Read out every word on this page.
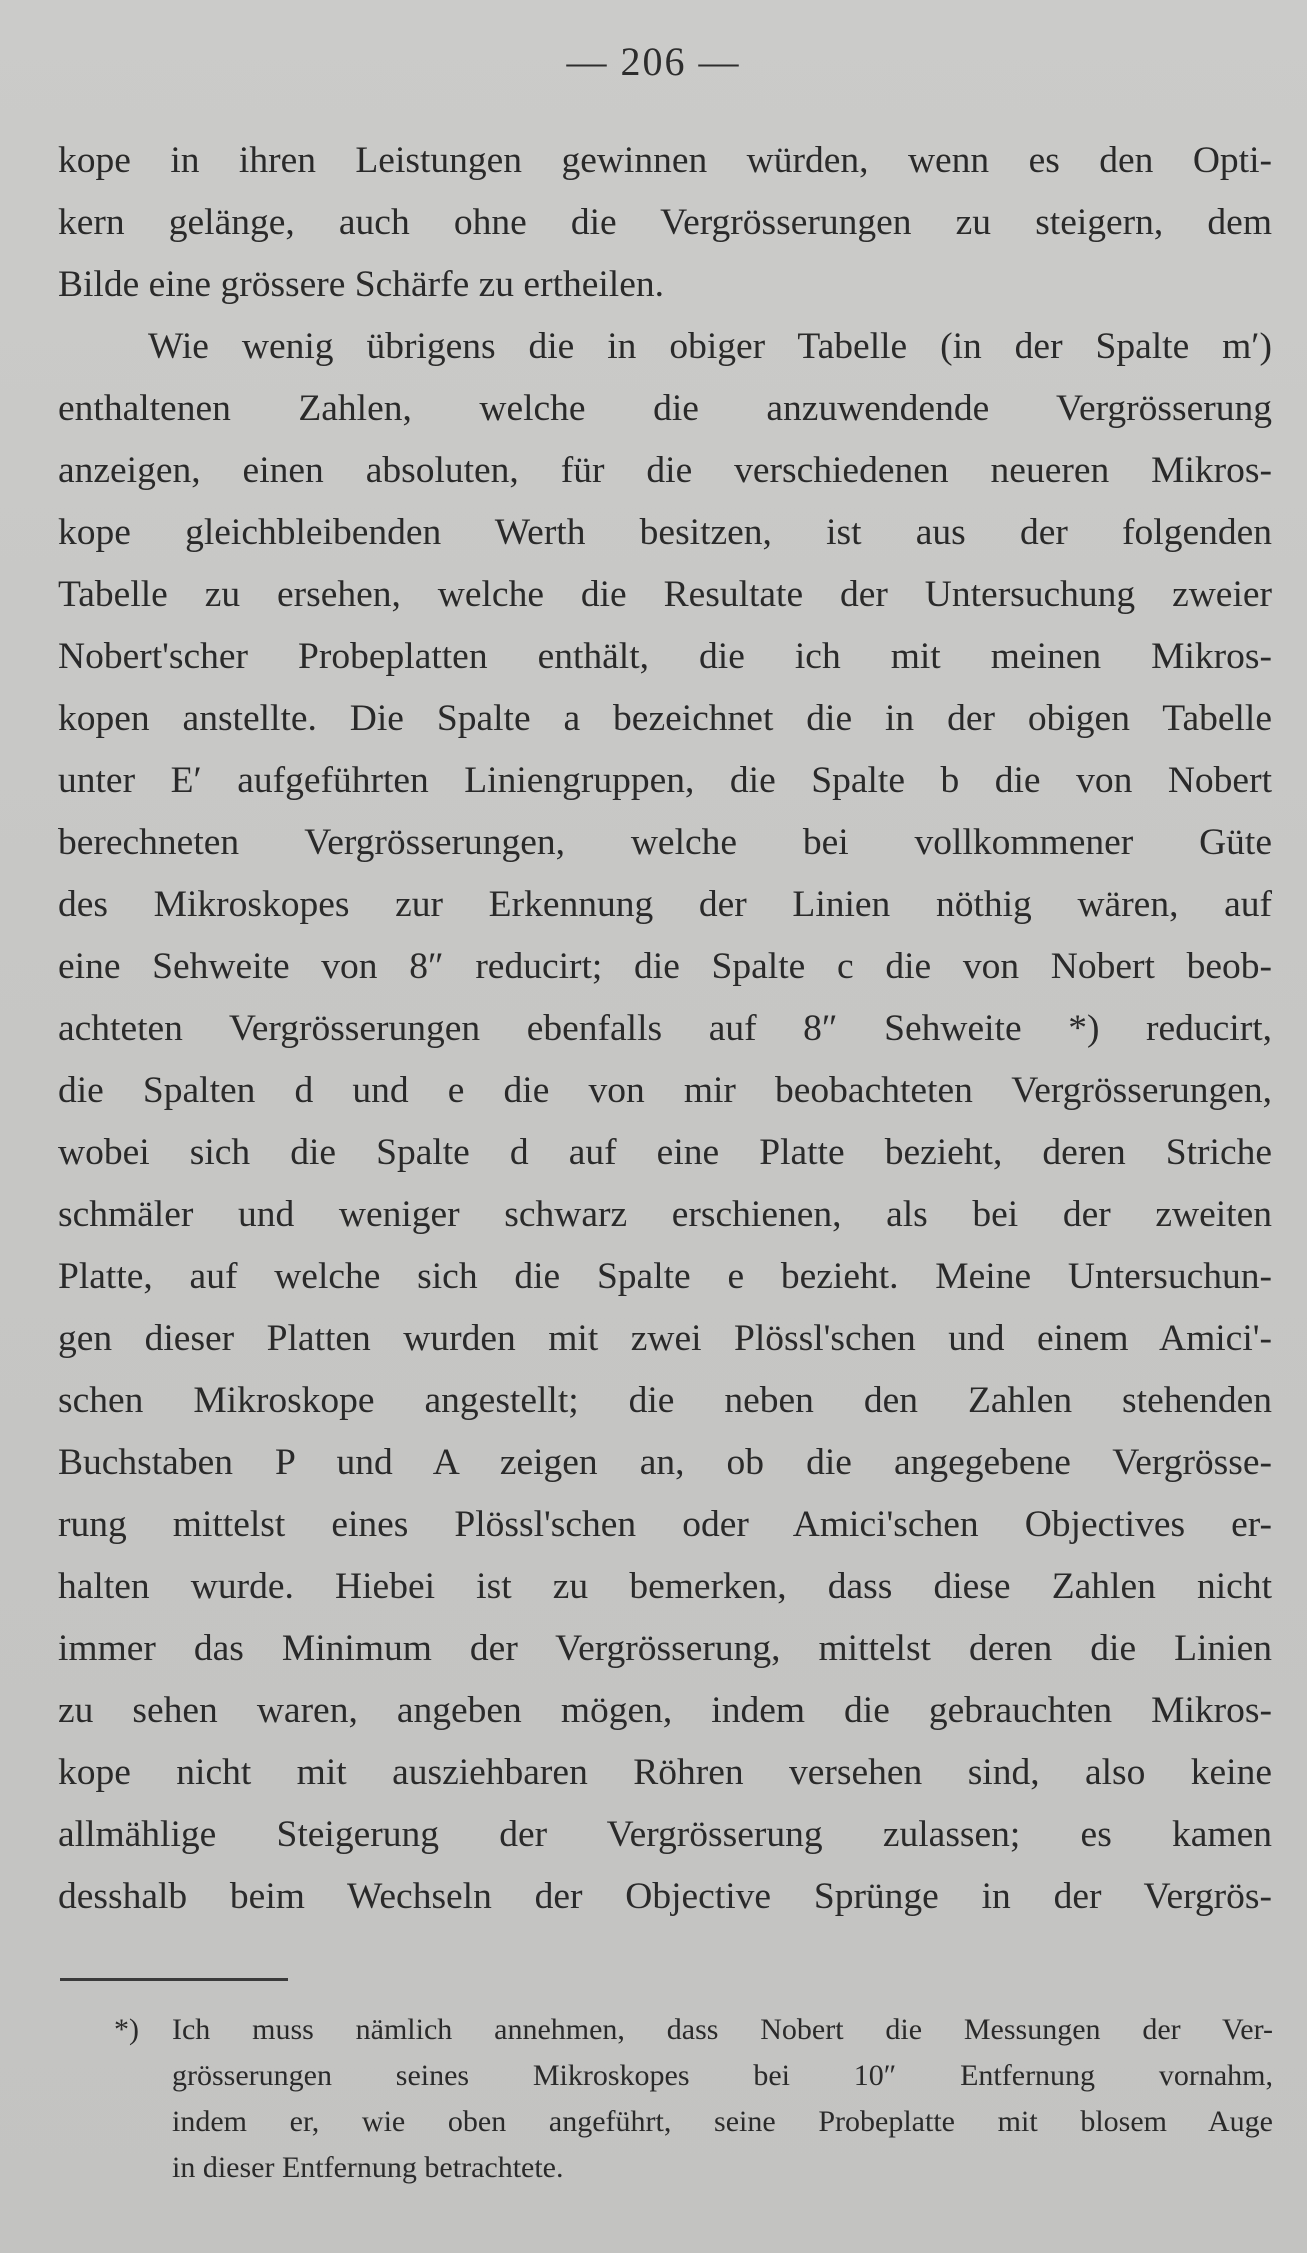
— 206 —
kope in ihren Leistungen gewinnen würden, wenn es den Opti-
kern gelänge, auch ohne die Vergrösserungen zu steigern, dem
Bilde eine grössere Schärfe zu ertheilen.
Wie wenig übrigens die in obiger Tabelle (in der Spalte m′)
enthaltenen Zahlen, welche die anzuwendende Vergrösserung
anzeigen, einen absoluten, für die verschiedenen neueren Mikros-
kope gleichbleibenden Werth besitzen, ist aus der folgenden
Tabelle zu ersehen, welche die Resultate der Untersuchung zweier
Nobert'scher Probeplatten enthält, die ich mit meinen Mikros-
kopen anstellte. Die Spalte a bezeichnet die in der obigen Tabelle
unter E′ aufgeführten Liniengruppen, die Spalte b die von Nobert
berechneten Vergrösserungen, welche bei vollkommener Güte
des Mikroskopes zur Erkennung der Linien nöthig wären, auf
eine Sehweite von 8″ reducirt; die Spalte c die von Nobert beob-
achteten Vergrösserungen ebenfalls auf 8″ Sehweite *) reducirt,
die Spalten d und e die von mir beobachteten Vergrösserungen,
wobei sich die Spalte d auf eine Platte bezieht, deren Striche
schmäler und weniger schwarz erschienen, als bei der zweiten
Platte, auf welche sich die Spalte e bezieht. Meine Untersuchun-
gen dieser Platten wurden mit zwei Plössl'schen und einem Amici'-
schen Mikroskope angestellt; die neben den Zahlen stehenden
Buchstaben P und A zeigen an, ob die angegebene Vergrösse-
rung mittelst eines Plössl'schen oder Amici'schen Objectives er-
halten wurde. Hiebei ist zu bemerken, dass diese Zahlen nicht
immer das Minimum der Vergrösserung, mittelst deren die Linien
zu sehen waren, angeben mögen, indem die gebrauchten Mikros-
kope nicht mit ausziehbaren Röhren versehen sind, also keine
allmählige Steigerung der Vergrösserung zulassen; es kamen
desshalb beim Wechseln der Objective Sprünge in der Vergrös-
*)	Ich muss nämlich annehmen, dass Nobert die Messungen der Ver-
grösserungen seines Mikroskopes bei 10″ Entfernung vornahm,
indem er, wie oben angeführt, seine Probeplatte mit blosem Auge
in dieser Entfernung betrachtete.
